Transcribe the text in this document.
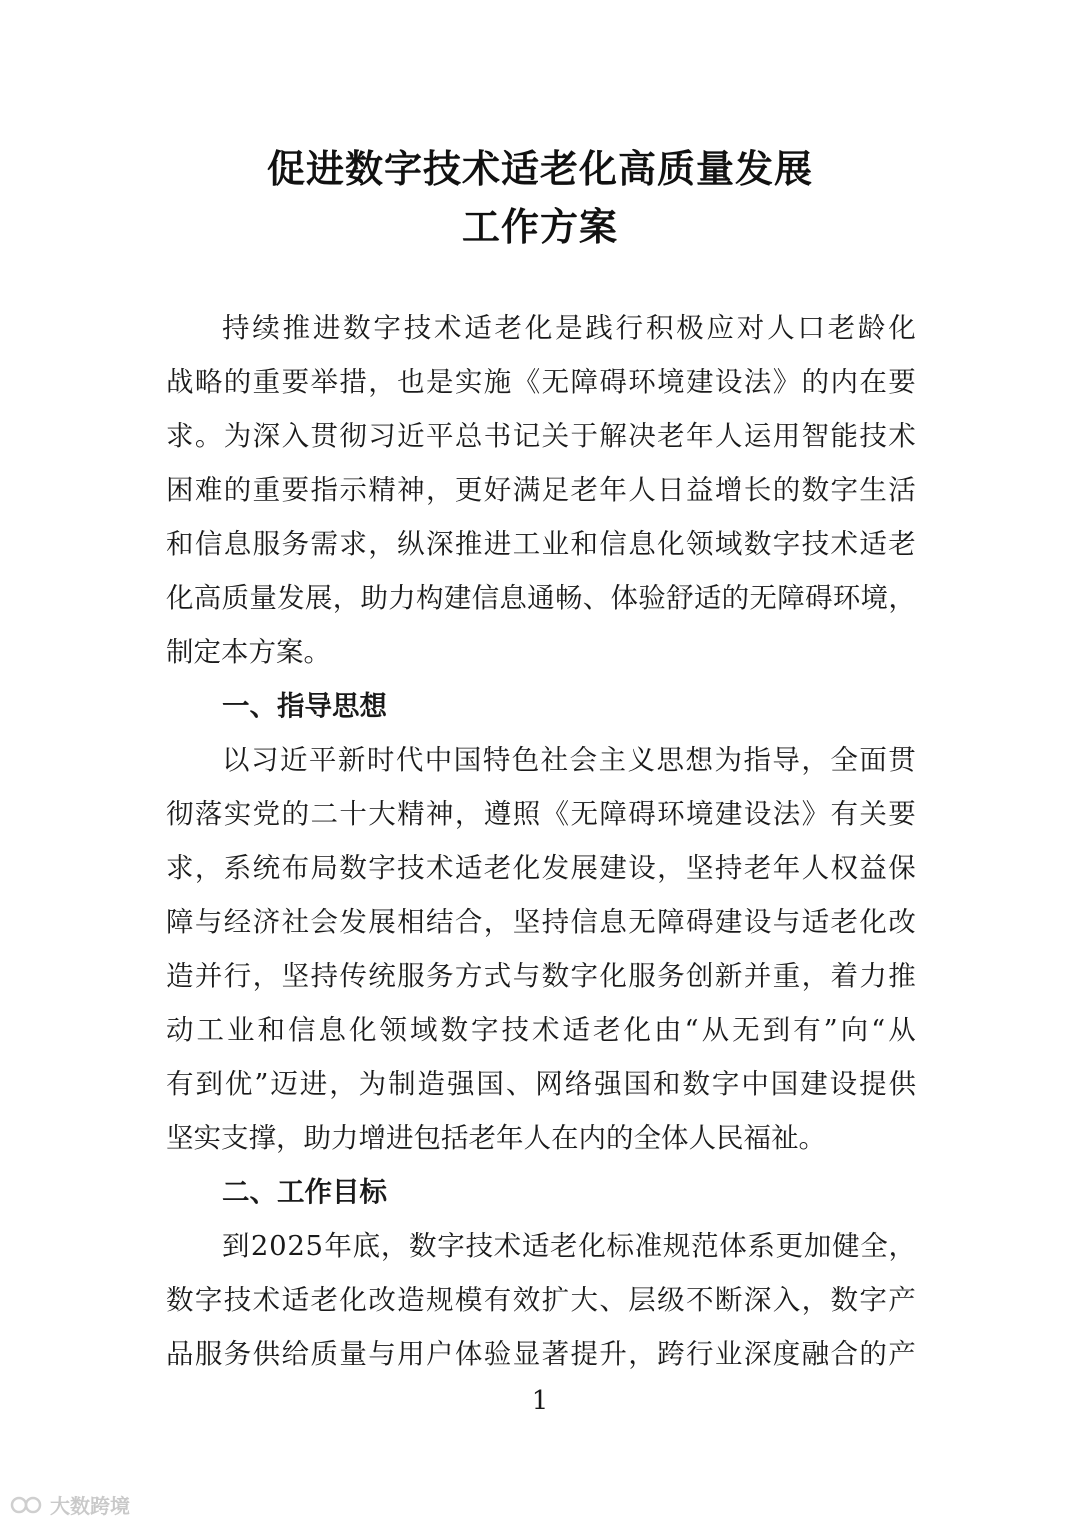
促进数字技术适老化高质量发展
工作方案
持 续 推 进 数 字 技 术 适 老 化 是 践 行 积 极 应 对 人 口 老 龄 化
战 略 的 重 要 举 措 ， 也 是 实 施 《 无 障 碍 环 境 建 设 法 》 的 内 在 要
求 。 为 深 入 贯 彻 习 近 平 总 书 记 关 于 解 决 老 年 人 运 用 智 能 技 术
困 难 的 重 要 指 示 精 神 ， 更 好 满 足 老 年 人 日 益 增 长 的 数 字 生 活
和 信 息 服 务 需 求 ， 纵 深 推 进 工 业 和 信 息 化 领 域 数 字 技 术 适 老
化 高 质 量 发 展 ， 助 力 构 建 信 息 通 畅 、 体 验 舒 适 的 无 障 碍 环 境 ，
制定本方案。
一、指导思想
以 习 近 平 新 时 代 中 国 特 色 社 会 主 义 思 想 为 指 导 ， 全 面 贯
彻 落 实 党 的 二 十 大 精 神 ， 遵 照 《 无 障 碍 环 境 建 设 法 》 有 关 要
求 ， 系 统 布 局 数 字 技 术 适 老 化 发 展 建 设 ， 坚 持 老 年 人 权 益 保
障 与 经 济 社 会 发 展 相 结 合 ， 坚 持 信 息 无 障 碍 建 设 与 适 老 化 改
造 并 行 ， 坚 持 传 统 服 务 方 式 与 数 字 化 服 务 创 新 并 重 ， 着 力 推
动 工 业 和 信 息 化 领 域 数 字 技 术 适 老 化 由 “ 从 无 到 有 ” 向 “ 从
有 到 优 ” 迈 进 ， 为 制 造 强 国 、 网 络 强 国 和 数 字 中 国 建 设 提 供
坚实支撑，助力增进包括老年人在内的全体人民福祉。
二、工作目标
到 2 0 2 5 年 底 ， 数 字 技 术 适 老 化 标 准 规 范 体 系 更 加 健 全 ，
数 字 技 术 适 老 化 改 造 规 模 有 效 扩 大 、 层 级 不 断 深 入 ， 数 字 产
品 服 务 供 给 质 量 与 用 户 体 验 显 著 提 升 ， 跨 行 业 深 度 融 合 的 产
1
大数跨境
